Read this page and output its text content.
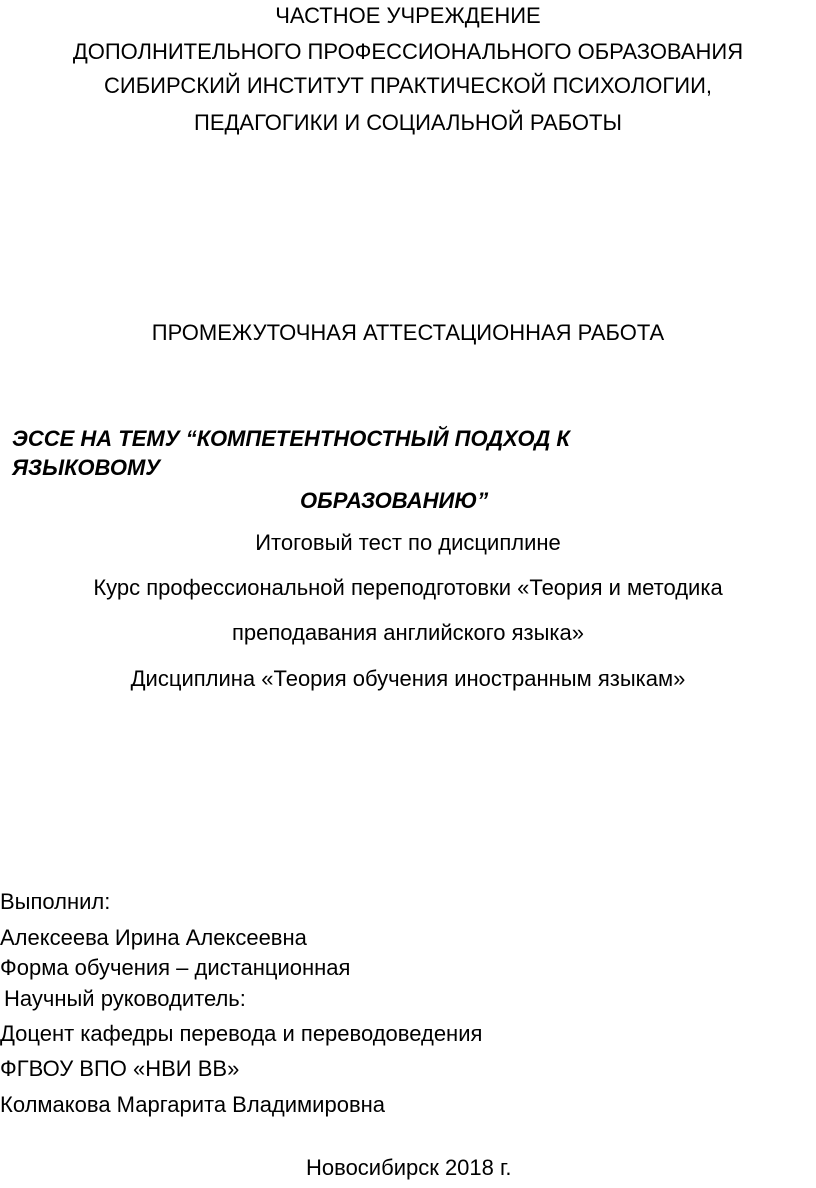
ЧАСТНОЕ УЧРЕЖДЕНИЕ
ДОПОЛНИТЕЛЬНОГО ПРОФЕССИОНАЛЬНОГО ОБРАЗОВАНИЯ
СИБИРСКИЙ ИНСТИТУТ ПРАКТИЧЕСКОЙ ПСИХОЛОГИИ,
ПЕДАГОГИКИ И СОЦИАЛЬНОЙ РАБОТЫ
ПРОМЕЖУТОЧНАЯ АТТЕСТАЦИОННАЯ РАБОТА
ЭССЕ НА ТЕМУ “КОМПЕТЕНТНОСТНЫЙ ПОДХОД К
ЯЗЫКОВОМУ
ОБРАЗОВАНИЮ”
Итоговый тест по дисциплине
Курс профессиональной переподготовки «Теория и методика
преподавания английского языка»
Дисциплина «Теория обучения иностранным языкам»
Выполнил:
Алексеева Ирина Алексеевна
Форма обучения – дистанционная
Научный руководитель:
Доцент кафедры перевода и переводоведения
ФГВОУ ВПО «НВИ ВВ»
Колмакова Маргарита Владимировна
Новосибирск 2018 г.
